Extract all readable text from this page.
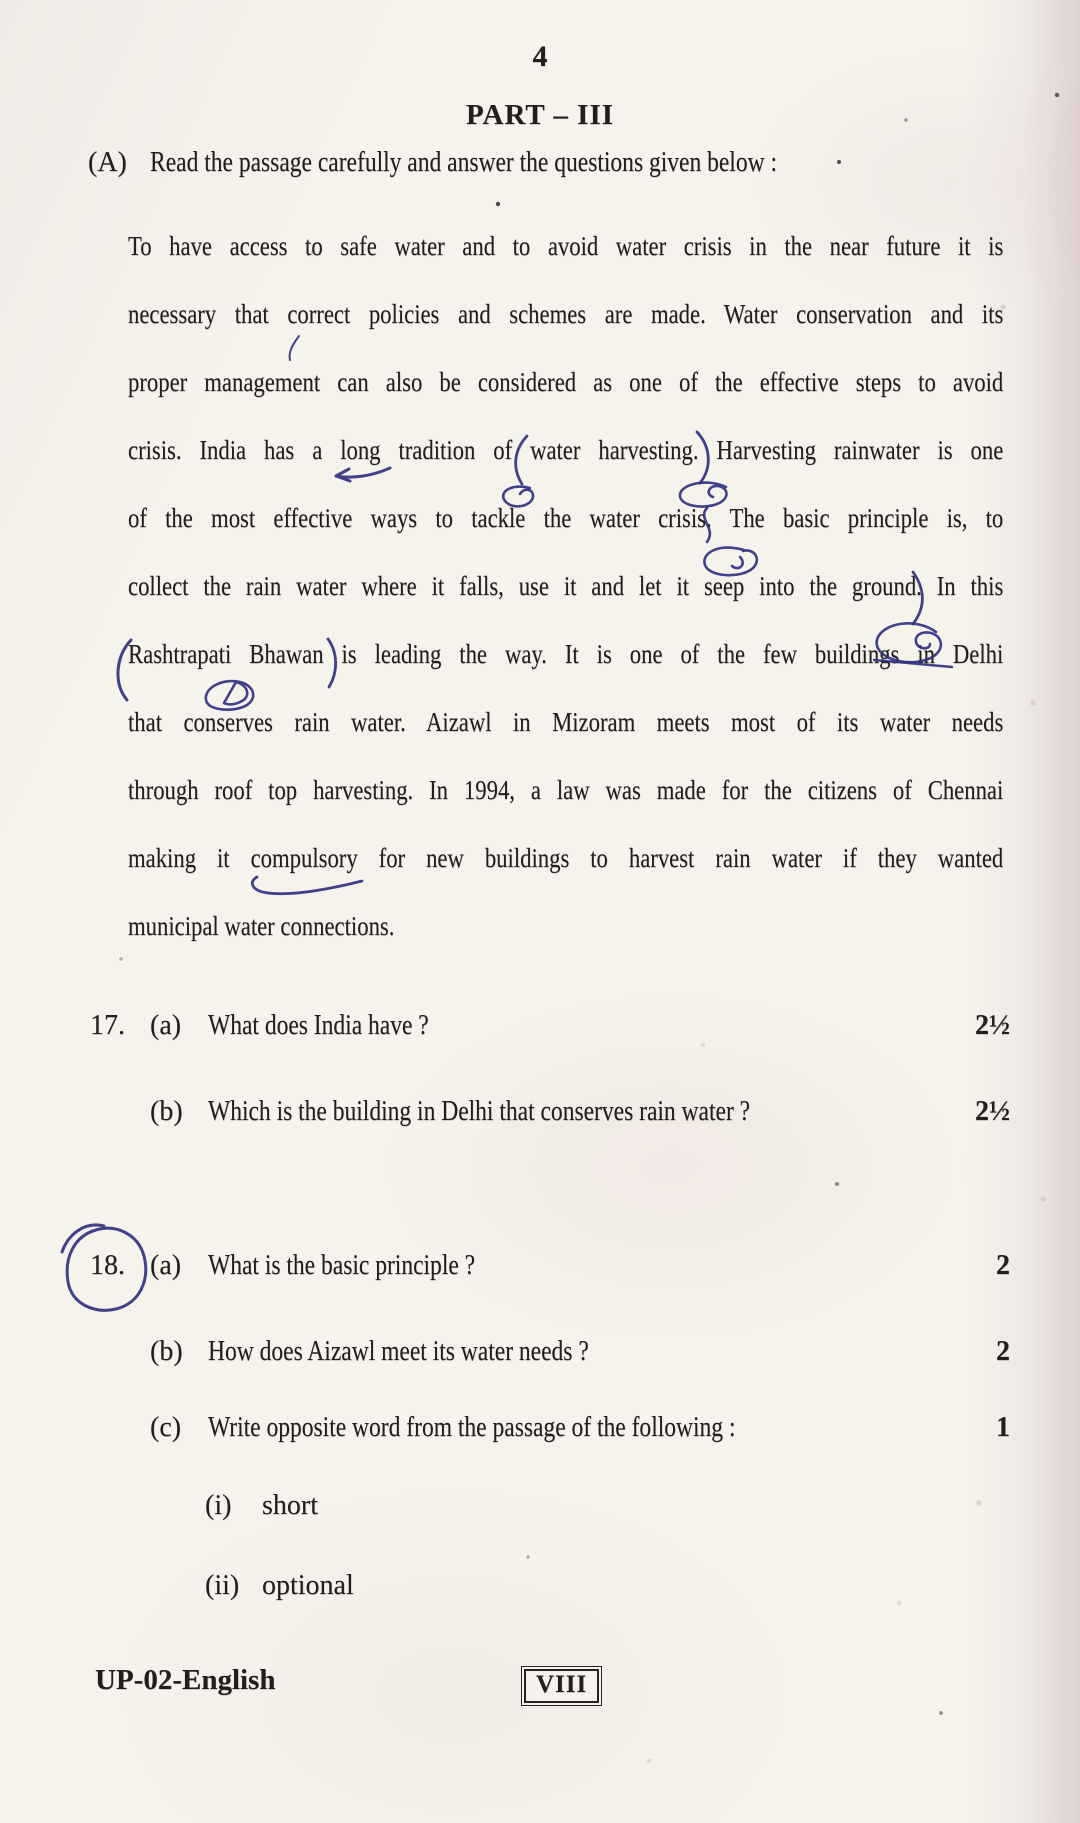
4
PART – III
(A) Read the passage carefully and answer the questions given below :
To have access to safe water and to avoid water crisis in the near future it is
necessary that correct policies and schemes are made. Water conservation and its
proper management can also be considered as one of the effective steps to avoid
crisis. India has a long tradition of water harvesting. Harvesting rainwater is one
of the most effective ways to tackle the water crisis. The basic principle is, to
collect the rain water where it falls, use it and let it seep into the ground. In this
Rashtrapati Bhawan is leading the way. It is one of the few buildings in Delhi
that conserves rain water. Aizawl in Mizoram meets most of its water needs
through roof top harvesting. In 1994, a law was made for the citizens of Chennai
making it compulsory for new buildings to harvest rain water if they wanted
municipal water connections.
17. (a) What does India have ?	2½
(b) Which is the building in Delhi that conserves rain water ?	2½
18. (a) What is the basic principle ?	2
(b) How does Aizawl meet its water needs ?	2
(c) Write opposite word from the passage of the following :	1
(i) short
(ii) optional
UP-02-English	VIII
